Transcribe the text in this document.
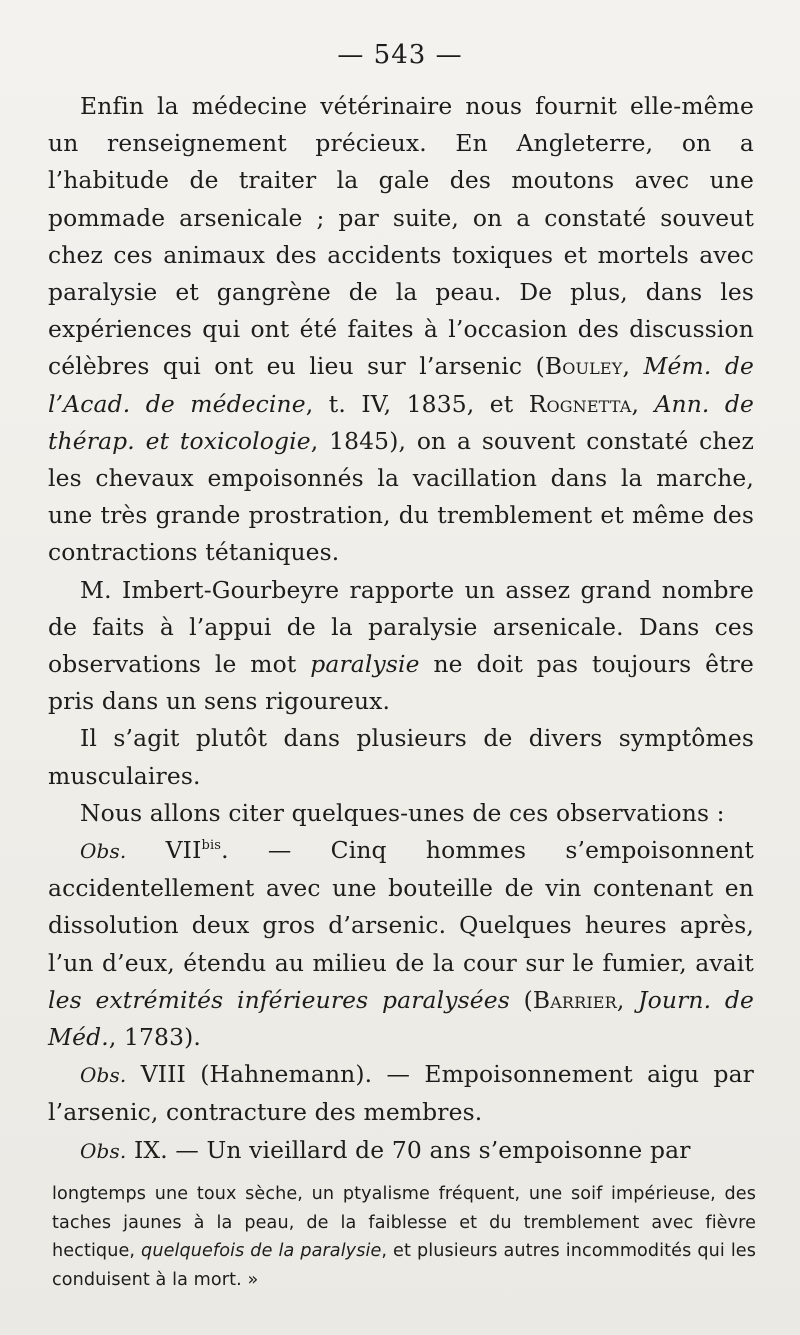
— 543 —

Enfin la médecine vétérinaire nous fournit elle-même un renseignement précieux. En Angleterre, on a l’habitude de traiter la gale des moutons avec une pommade arsenicale ; par suite, on a constaté souveut chez ces animaux des accidents toxiques et mortels avec paralysie et gangrène de la peau. De plus, dans les expériences qui ont été faites à l’occasion des discussion célèbres qui ont eu lieu sur l’arsenic (Bouley, Mém. de l’Acad. de médecine, t. IV, 1835, et Rognetta, Ann. de thérap. et toxicologie, 1845), on a souvent constaté chez les chevaux empoisonnés la vacillation dans la marche, une très grande prostration, du tremblement et même des contractions tétaniques.

M. Imbert-Gourbeyre rapporte un assez grand nombre de faits à l’appui de la paralysie arsenicale. Dans ces observations le mot paralysie ne doit pas toujours être pris dans un sens rigoureux.

Il s’agit plutôt dans plusieurs de divers symptômes musculaires.

Nous allons citer quelques-unes de ces observations :

Obs. $VII^{bis}$. — Cinq hommes s’empoisonnent accidentellement avec une bouteille de vin contenant en dissolution deux gros d’arsenic. Quelques heures après, l’un d’eux, étendu au milieu de la cour sur le fumier, avait les extrémités inférieures paralysées (Barrier, Journ. de Méd., 1783).

Obs. VIII (Hahnemann). — Empoisonnement aigu par l’arsenic, contracture des membres.

Obs. IX. — Un vieillard de 70 ans s’empoisonne par

longtemps une toux sèche, un ptyalisme fréquent, une soif impérieuse, des taches jaunes à la peau, de la faiblesse et du tremblement avec fièvre hectique, quelquefois de la paralysie, et plusieurs autres incommodités qui les conduisent à la mort. »
